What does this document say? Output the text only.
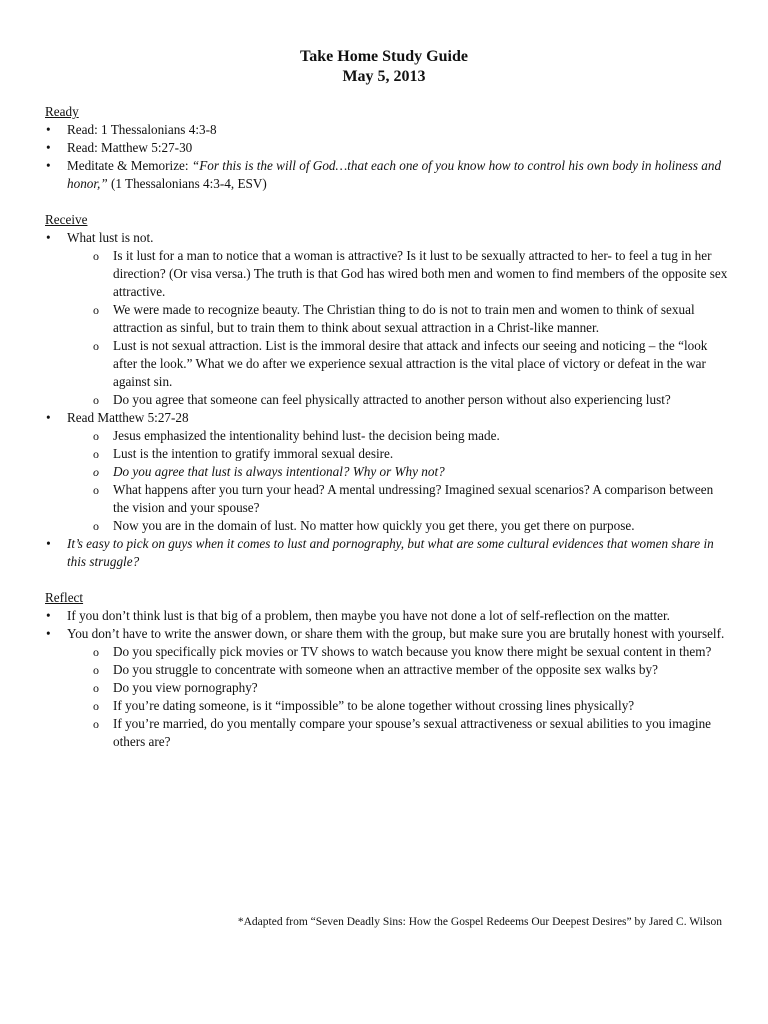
Take Home Study Guide
May 5, 2013
Ready
• Read: 1 Thessalonians 4:3-8
• Read: Matthew 5:27-30
• Meditate & Memorize: “For this is the will of God…that each one of you know how to control his own body in holiness and honor,” (1 Thessalonians 4:3-4, ESV)
Receive
• What lust is not.
o Is it lust for a man to notice that a woman is attractive? Is it lust to be sexually attracted to her- to feel a tug in her direction? (Or visa versa.) The truth is that God has wired both men and women to find members of the opposite sex attractive.
o We were made to recognize beauty. The Christian thing to do is not to train men and women to think of sexual attraction as sinful, but to train them to think about sexual attraction in a Christ-like manner.
o Lust is not sexual attraction. List is the immoral desire that attack and infects our seeing and noticing – the “look after the look.” What we do after we experience sexual attraction is the vital place of victory or defeat in the war against sin.
o Do you agree that someone can feel physically attracted to another person without also experiencing lust?
• Read Matthew 5:27-28
o Jesus emphasized the intentionality behind lust- the decision being made.
o Lust is the intention to gratify immoral sexual desire.
o Do you agree that lust is always intentional? Why or Why not?
o What happens after you turn your head? A mental undressing? Imagined sexual scenarios? A comparison between the vision and your spouse?
o Now you are in the domain of lust. No matter how quickly you get there, you get there on purpose.
• It’s easy to pick on guys when it comes to lust and pornography, but what are some cultural evidences that women share in this struggle?
Reflect
• If you don’t think lust is that big of a problem, then maybe you have not done a lot of self-reflection on the matter.
• You don’t have to write the answer down, or share them with the group, but make sure you are brutally honest with yourself.
o Do you specifically pick movies or TV shows to watch because you know there might be sexual content in them?
o Do you struggle to concentrate with someone when an attractive member of the opposite sex walks by?
o Do you view pornography?
o If you’re dating someone, is it “impossible” to be alone together without crossing lines physically?
o If you’re married, do you mentally compare your spouse’s sexual attractiveness or sexual abilities to you imagine others are?
*Adapted from “Seven Deadly Sins: How the Gospel Redeems Our Deepest Desires” by Jared C. Wilson
